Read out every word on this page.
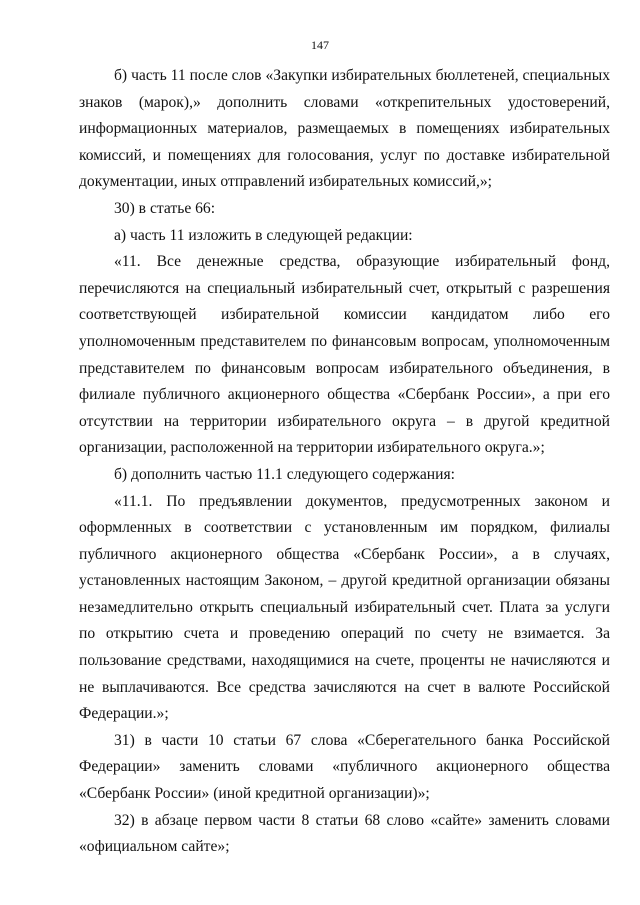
147

б) часть 11 после слов «Закупки избирательных бюллетеней, специальных знаков (марок),» дополнить словами «открепительных удостоверений, информационных материалов, размещаемых в помещениях избирательных комиссий, и помещениях для голосования, услуг по доставке избирательной документации, иных отправлений избирательных комиссий,»;

30) в статье 66:

а) часть 11 изложить в следующей редакции:

«11. Все денежные средства, образующие избирательный фонд, перечисляются на специальный избирательный счет, открытый с разрешения соответствующей избирательной комиссии кандидатом либо его уполномоченным представителем по финансовым вопросам, уполномоченным представителем по финансовым вопросам избирательного объединения, в филиале публичного акционерного общества «Сбербанк России», а при его отсутствии на территории избирательного округа – в другой кредитной организации, расположенной на территории избирательного округа.»;

б) дополнить частью 11.1 следующего содержания:

«11.1. По предъявлении документов, предусмотренных законом и оформленных в соответствии с установленным им порядком, филиалы публичного акционерного общества «Сбербанк России», а в случаях, установленных настоящим Законом, – другой кредитной организации обязаны незамедлительно открыть специальный избирательный счет. Плата за услуги по открытию счета и проведению операций по счету не взимается. За пользование средствами, находящимися на счете, проценты не начисляются и не выплачиваются. Все средства зачисляются на счет в валюте Российской Федерации.»;

31) в части 10 статьи 67 слова «Сберегательного банка Российской Федерации» заменить словами «публичного акционерного общества «Сбербанк России» (иной кредитной организации)»;

32) в абзаце первом части 8 статьи 68 слово «сайте» заменить словами «официальном сайте»;
